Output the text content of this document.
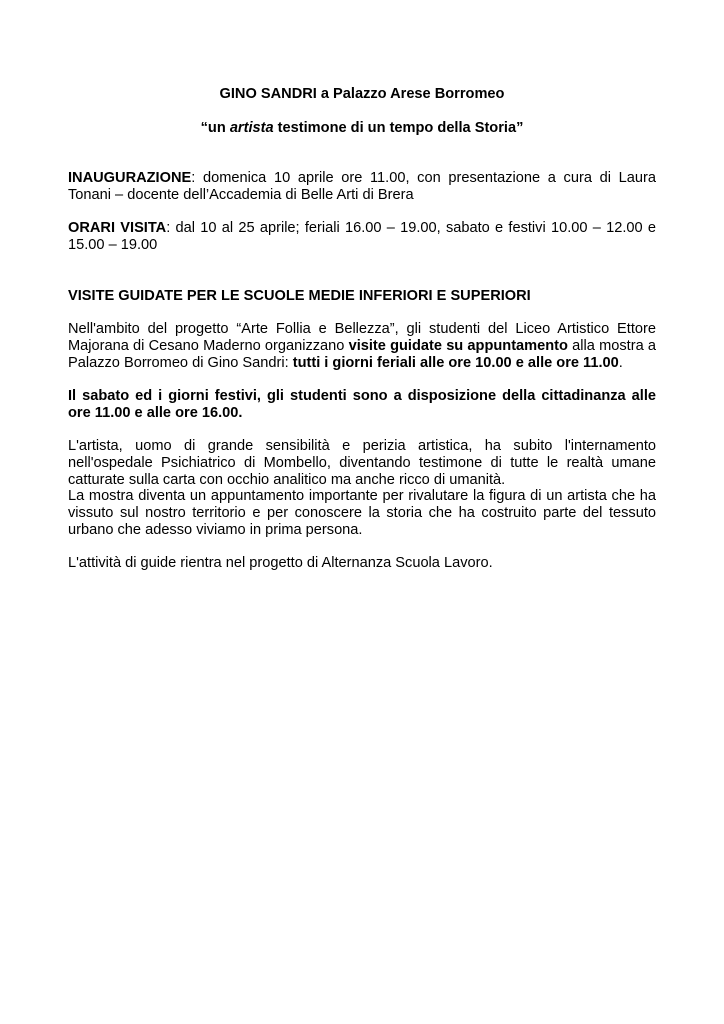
GINO SANDRI a Palazzo Arese Borromeo
“un artista testimone di un tempo della Storia”
INAUGURAZIONE: domenica 10 aprile ore 11.00, con presentazione a cura di Laura Tonani – docente dell’Accademia di Belle Arti di Brera
ORARI VISITA: dal 10 al 25 aprile; feriali 16.00 – 19.00, sabato e festivi 10.00 – 12.00 e 15.00 – 19.00
VISITE GUIDATE PER LE SCUOLE MEDIE INFERIORI E SUPERIORI
Nell'ambito del progetto “Arte Follia e Bellezza”, gli studenti del Liceo Artistico Ettore Majorana di Cesano Maderno organizzano visite guidate su appuntamento alla mostra a Palazzo Borromeo di Gino Sandri: tutti i giorni feriali alle ore 10.00 e alle ore 11.00.
Il sabato ed i giorni festivi, gli studenti sono a disposizione della cittadinanza alle ore 11.00 e alle ore 16.00.
L'artista, uomo di grande sensibilità e perizia artistica, ha subito l'internamento nell'ospedale Psichiatrico di Mombello, diventando testimone di tutte le realtà umane catturate sulla carta con occhio analitico ma anche ricco di umanità.
La mostra diventa un appuntamento importante per rivalutare la figura di un artista che ha vissuto sul nostro territorio e per conoscere la storia che ha costruito parte del tessuto urbano che adesso viviamo in prima persona.
L'attività di guide rientra nel progetto di Alternanza Scuola Lavoro.
